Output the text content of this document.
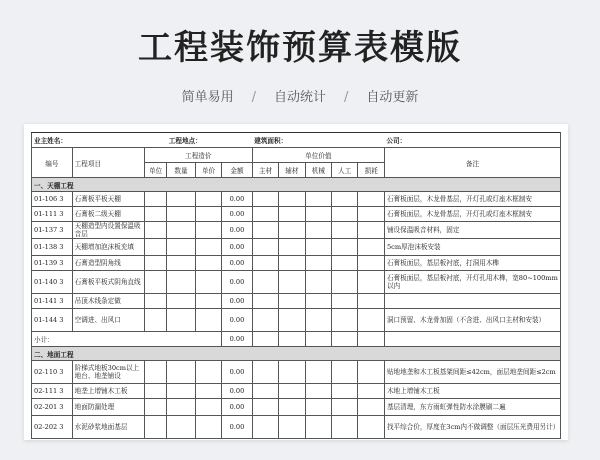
工程装饰预算表模版
简单易用 / 自动统计 / 自动更新
业主姓名：			工程地点：			建筑面积：					公司：
编号	工程项目	工程造价				单位价值					备注
		单位	数量	单价	金额	主材	辅材	机械	人工	损耗	
一、天棚工程											
01-106 3	石膏板平板天棚				0.00						石膏板面层，木龙骨基层，开灯孔或灯座木框制安
01-111 3	石膏板二级天棚				0.00						石膏板面层，木龙骨基层，开灯孔或灯座木框制安
01-137 3	天棚造型内设置保温吸音层				0.00						铺设保温吸音材料，固定
01-138 3	天棚增加泡沫板充填				0.00						5cm厚泡沫板安装
01-139 3	石膏造型阴角线				0.00						石膏板面层，基层板衬底，打洞用木榫
01-140 3	石膏板平板式阴角直线				0.00						石膏板面层，基层板衬底，开灯孔用木榫，宽80~100mm以内
01-141 3	吊顶木线条定做				0.00						
01-144 3	空调进、出风口				0.00						洞口预留、木龙骨加固（不含进、出风口主材和安装）
小计：					0.00						
二、地面工程											
02-110 3	阶梯式地板30cm以上地台、地垄铺设				0.00						贴地地垄和木工板基架间距≤42cm，面层地垄间距≤2cm
02-111 3	地垄上增铺木工板				0.00						木地上增铺木工板
02-201 3	地面防漏处理				0.00						基层清理，东方雨虹弹性防水涂膜刷二遍
02-202 3	水泥砂浆地面基层				0.00						找平综合价，厚度在3cm内不做调整（面层压光费用另计）
